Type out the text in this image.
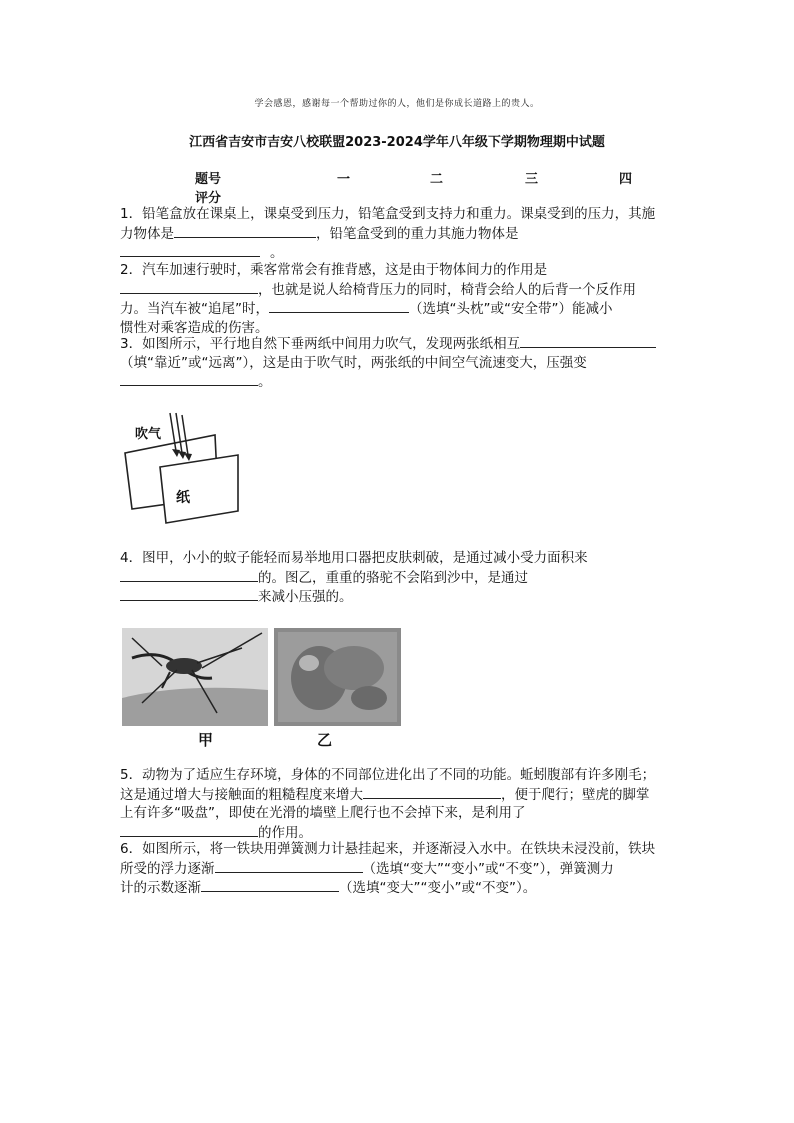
学会感恩，感谢每一个帮助过你的人，他们是你成长道路上的贵人。
江西省吉安市吉安八校联盟2023-2024学年八年级下学期物理期中试题
题号	一	二	三	四
评分
1．铅笔盒放在课桌上，课桌受到压力，铅笔盒受到支持力和重力。课桌受到的压力，其施
力物体是	，铅笔盒受到的重力其施力物体是
。
2．汽车加速行驶时，乘客常常会有推背感，这是由于物体间力的作用是
，也就是说人给椅背压力的同时，椅背会给人的后背一个反作用
力。当汽车被“追尾”时，	（选填“头枕”或“安全带”）能减小
惯性对乘客造成的伤害。
3．如图所示，平行地自然下垂两纸中间用力吹气，发现两张纸相互
（填“靠近”或“远离”），这是由于吹气时，两张纸的中间空气流速变大，压强变
。
吹气
纸
4．图甲，小小的蚊子能轻而易举地用口器把皮肤刺破，是通过减小受力面积来
的。图乙，重重的骆驼不会陷到沙中，是通过
来减小压强的。
甲	乙
5．动物为了适应生存环境，身体的不同部位进化出了不同的功能。蚯蚓腹部有许多刚毛；
这是通过增大与接触面的粗糙程度来增大	，便于爬行；壁虎的脚掌
上有许多“吸盘”，即使在光滑的墙壁上爬行也不会掉下来，是利用了
的作用。
6．如图所示，将一铁块用弹簧测力计悬挂起来，并逐渐浸入水中。在铁块未浸没前，铁块
所受的浮力逐渐	（选填“变大”“变小”或“不变”），弹簧测力
计的示数逐渐	（选填“变大”“变小”或“不变”）。
